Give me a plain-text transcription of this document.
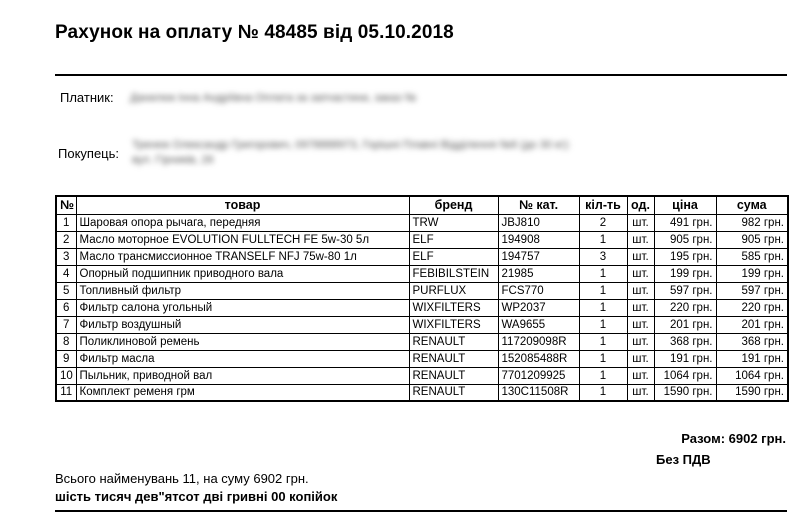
Рахунок на оплату № 48485 від 05.10.2018
Платник: Данилюк Інна Андріївна Оплата за запчастини, заказ №
Покупець:
Тренюк Олександр Григорович, 0978888973, Горішні Плавні Відділення №6 (до 30 кг):
вул. Гірників, 26
№	товар	бренд	№ кат.	кіл-ть	од.	ціна	сума
1	Шаровая опора рычага, передняя	TRW	JBJ810	2	шт.	491 грн.	982 грн.
2	Масло моторное EVOLUTION FULLTECH FE 5w-30 5л	ELF	194908	1	шт.	905 грн.	905 грн.
3	Масло трансмиссионное TRANSELF NFJ 75w-80 1л	ELF	194757	3	шт.	195 грн.	585 грн.
4	Опорный подшипник приводного вала	FEBIBILSTEIN	21985	1	шт.	199 грн.	199 грн.
5	Топливный фильтр	PURFLUX	FCS770	1	шт.	597 грн.	597 грн.
6	Фильтр салона угольный	WIXFILTERS	WP2037	1	шт.	220 грн.	220 грн.
7	Фильтр воздушный	WIXFILTERS	WA9655	1	шт.	201 грн.	201 грн.
8	Поликлиновой ремень	RENAULT	117209098R	1	шт.	368 грн.	368 грн.
9	Фильтр масла	RENAULT	152085488R	1	шт.	191 грн.	191 грн.
10	Пыльник, приводной вал	RENAULT	7701209925	1	шт.	1064 грн.	1064 грн.
11	Комплект ременя грм	RENAULT	130C11508R	1	шт.	1590 грн.	1590 грн.
Разом: 6902 грн.
Без ПДВ
Всього найменувань 11, на суму 6902 грн.
шість тисяч дев"ятсот дві гривні 00 копійок
